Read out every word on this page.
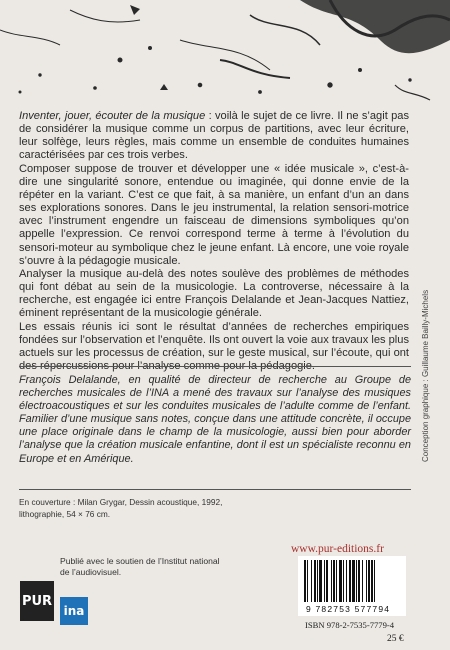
Inventer, jouer, écouter de la musique : voilà le sujet de ce livre. Il ne s’agit pas de considérer la musique comme un corpus de partitions, avec leur écriture, leur solfège, leurs règles, mais comme un ensemble de conduites humaines caractérisées par ces trois verbes.

Composer suppose de trouver et développer une « idée musicale », c’est-à-dire une singularité sonore, entendue ou imaginée, qui donne envie de la répéter en la variant. C’est ce que fait, à sa manière, un enfant d’un an dans ses explorations sonores. Dans le jeu instrumental, la relation sensori-motrice avec l’instrument engendre un faisceau de dimensions symboliques qu’on appelle l’expression. Ce renvoi correspond terme à terme à l’évolution du sensori-moteur au symbolique chez le jeune enfant. Là encore, une voie royale s’ouvre à la pédagogie musicale.

Analyser la musique au-delà des notes soulève des problèmes de méthodes qui font débat au sein de la musicologie. La controverse, nécessaire à la recherche, est engagée ici entre François Delalande et Jean-Jacques Nattiez, éminent représentant de la musicologie générale.

Les essais réunis ici sont le résultat d’années de recherches empiriques fondées sur l’observation et l’enquête. Ils ont ouvert la voie aux travaux les plus actuels sur les processus de création, sur le geste musical, sur l’écoute, qui ont des répercussions pour l’analyse comme pour la pédagogie.

François Delalande, en qualité de directeur de recherche au Groupe de recherches musicales de l’INA a mené des travaux sur l’analyse des musiques électroacoustiques et sur les conduites musicales de l’adulte comme de l’enfant. Familier d’une musique sans notes, conçue dans une attitude concrète, il occupe une place originale dans le champ de la musicologie, aussi bien pour aborder l’analyse que la création musicale enfantine, dont il est un spécialiste reconnu en Europe et en Amérique.
En couverture : Milan Grygar, Dessin acoustique, 1992, lithographie, 54 × 76 cm.
Conception graphique : Guillaume Bailly-Michels
Publié avec le soutien de l’Institut national de l’audiovisuel.
PUR
ina
www.pur-editions.fr
9 782753 577794
ISBN 978-2-7535-7779-4
25 €
